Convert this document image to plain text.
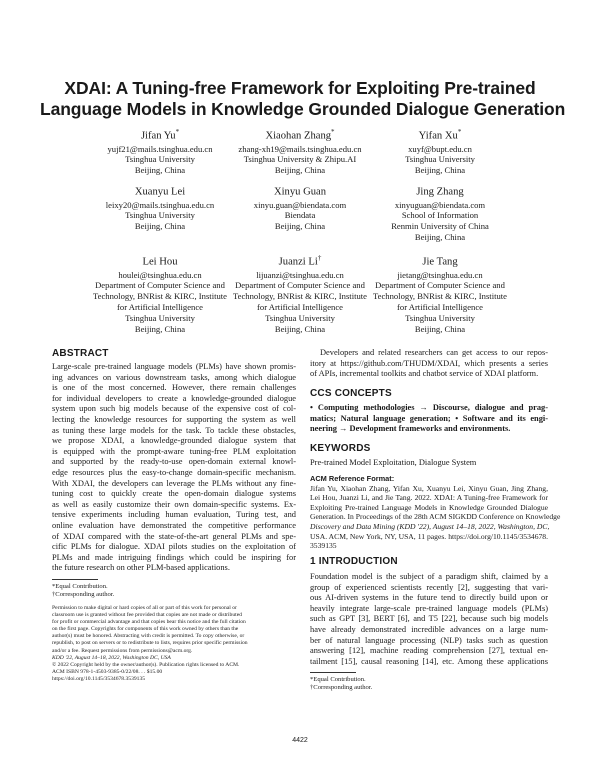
XDAI: A Tuning-free Framework for Exploiting Pre-trained
Language Models in Knowledge Grounded Dialogue Generation
Jifan Yu*
yujf21@mails.tsinghua.edu.cn
Tsinghua University
Beijing, China
Xiaohan Zhang*
zhang-xh19@mails.tsinghua.edu.cn
Tsinghua University & Zhipu.AI
Beijing, China
Yifan Xu*
xuyf@bupt.edu.cn
Tsinghua University
Beijing, China
Xuanyu Lei
leixy20@mails.tsinghua.edu.cn
Tsinghua University
Beijing, China
Xinyu Guan
xinyu.guan@biendata.com
Biendata
Beijing, China
Jing Zhang
xinyuguan@biendata.com
School of Information
Renmin University of China
Beijing, China
Lei Hou
houlei@tsinghua.edu.cn
Department of Computer Science and
Technology, BNRist & KIRC, Institute
for Artificial Intelligence
Tsinghua University
Beijing, China
Juanzi Li†
lijuanzi@tsinghua.edu.cn
Department of Computer Science and
Technology, BNRist & KIRC, Institute
for Artificial Intelligence
Tsinghua University
Beijing, China
Jie Tang
jietang@tsinghua.edu.cn
Department of Computer Science and
Technology, BNRist & KIRC, Institute
for Artificial Intelligence
Tsinghua University
Beijing, China
ABSTRACT
Large-scale pre-trained language models (PLMs) have shown promis-
ing advances on various downstream tasks, among which dialogue
is one of the most concerned. However, there remain challenges
for individual developers to create a knowledge-grounded dialogue
system upon such big models because of the expensive cost of col-
lecting the knowledge resources for supporting the system as well
as tuning these large models for the task. To tackle these obstacles,
we propose XDAI, a knowledge-grounded dialogue system that
is equipped with the prompt-aware tuning-free PLM exploitation
and supported by the ready-to-use open-domain external knowl-
edge resources plus the easy-to-change domain-specific mechanism.
With XDAI, the developers can leverage the PLMs without any fine-
tuning cost to quickly create the open-domain dialogue systems
as well as easily customize their own domain-specific systems. Ex-
tensive experiments including human evaluation, Turing test, and
online evaluation have demonstrated the competitive performance
of XDAI compared with the state-of-the-art general PLMs and spe-
cific PLMs for dialogue. XDAI pilots studies on the exploitation of
PLMs and made intriguing findings which could be inspiring for
the future research on other PLM-based applications.
*Equal Contribution.
†Corresponding author.
Permission to make digital or hard copies of all or part of this work for personal or
classroom use is granted without fee provided that copies are not made or distributed
for profit or commercial advantage and that copies bear this notice and the full citation
on the first page. Copyrights for components of this work owned by others than the
author(s) must be honored. Abstracting with credit is permitted. To copy otherwise, or
republish, to post on servers or to redistribute to lists, requires prior specific permission
and/or a fee. Request permissions from permissions@acm.org.
KDD '22, August 14–18, 2022, Washington DC, USA
© 2022 Copyright held by the owner/author(s). Publication rights licensed to ACM.
ACM ISBN 978-1-4503-9385-0/22/08. . . $15.00
https://doi.org/10.1145/3534678.3539135
Developers and related researchers can get access to our repos-
itory at https://github.com/THUDM/XDAI, which presents a series
of APIs, incremental toolkits and chatbot service of XDAI platform.
CCS CONCEPTS
• Computing methodologies → Discourse, dialogue and prag-
matics; Natural language generation; • Software and its engi-
neering → Development frameworks and environments.
KEYWORDS
Pre-trained Model Exploitation, Dialogue System
ACM Reference Format:
Jifan Yu, Xiaohan Zhang, Yifan Xu, Xuanyu Lei, Xinyu Guan, Jing Zhang,
Lei Hou, Juanzi Li, and Jie Tang. 2022. XDAI: A Tuning-free Framework for
Exploiting Pre-trained Language Models in Knowledge Grounded Dialogue
Generation. In Proceedings of the 28th ACM SIGKDD Conference on Knowledge
Discovery and Data Mining (KDD '22), August 14–18, 2022, Washington, DC,
USA. ACM, New York, NY, USA, 11 pages. https://doi.org/10.1145/3534678.
3539135
1 INTRODUCTION
Foundation model is the subject of a paradigm shift, claimed by a
group of experienced scientists recently [2], suggesting that vari-
ous AI-driven systems in the future tend to directly build upon or
heavily integrate large-scale pre-trained language models (PLMs)
such as GPT [3], BERT [6], and T5 [22], because such big models
have already demonstrated incredible advances on a large num-
ber of natural language processing (NLP) tasks such as question
answering [12], machine reading comprehension [27], textual en-
tailment [15], causal reasoning [14], etc. Among these applications
*Equal Contribution.
†Corresponding author.
4422
